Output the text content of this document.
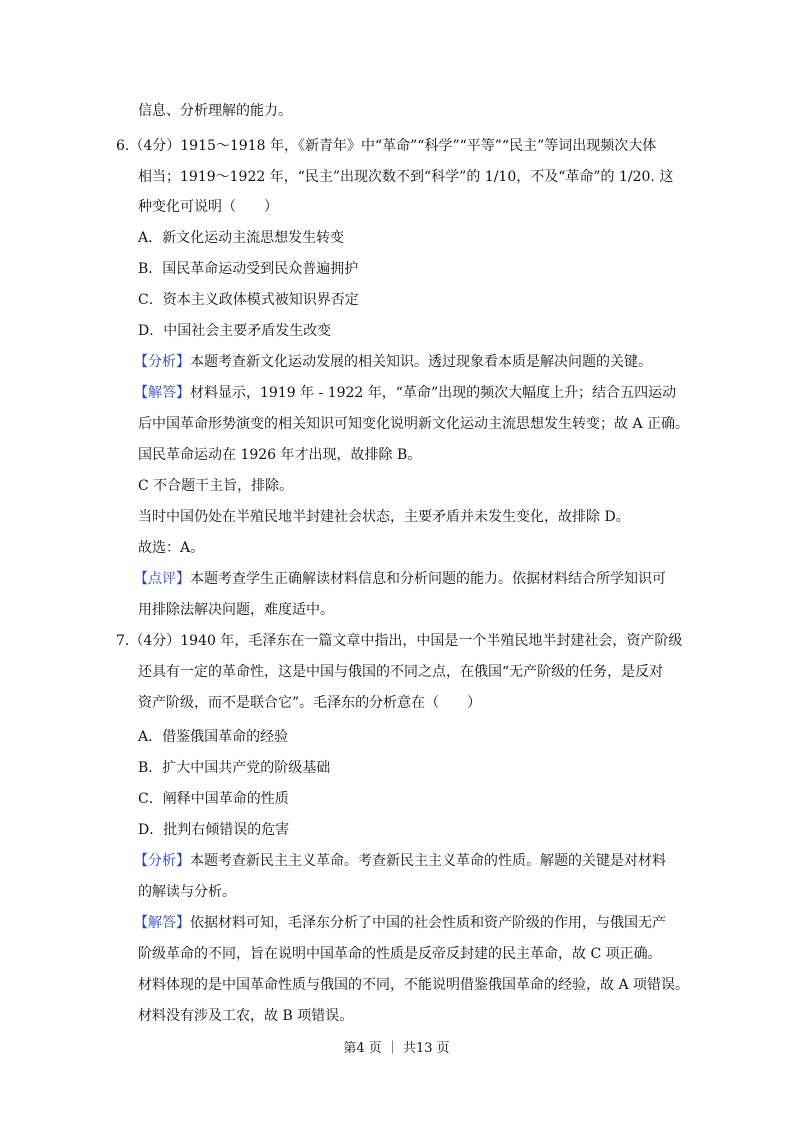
信息、分析理解的能力。
6.（4分）1915～1918 年，《新青年》中“革命”“科学”“平等”“民主”等词出现频次大体
相当；1919～1922 年，“民主”出现次数不到“科学”的 1/10，不及“革命”的 1/20. 这
种变化可说明（　　）
A．新文化运动主流思想发生转变
B．国民革命运动受到民众普遍拥护
C．资本主义政体模式被知识界否定
D．中国社会主要矛盾发生改变
【分析】本题考查新文化运动发展的相关知识。透过现象看本质是解决问题的关键。
【解答】材料显示，1919 年 - 1922 年，“革命”出现的频次大幅度上升；结合五四运动
后中国革命形势演变的相关知识可知变化说明新文化运动主流思想发生转变；故 A 正确。
国民革命运动在 1926 年才出现，故排除 B。
C 不合题干主旨，排除。
当时中国仍处在半殖民地半封建社会状态，主要矛盾并未发生变化，故排除 D。
故选：A。
【点评】本题考查学生正确解读材料信息和分析问题的能力。依据材料结合所学知识可
用排除法解决问题，难度适中。
7.（4分）1940 年，毛泽东在一篇文章中指出，中国是一个半殖民地半封建社会，资产阶级
还具有一定的革命性，这是中国与俄国的不同之点，在俄国“无产阶级的任务，是反对
资产阶级，而不是联合它”。毛泽东的分析意在（　　）
A．借鉴俄国革命的经验
B．扩大中国共产党的阶级基础
C．阐释中国革命的性质
D．批判右倾错误的危害
【分析】本题考查新民主主义革命。考查新民主主义革命的性质。解题的关键是对材料
的解读与分析。
【解答】依据材料可知，毛泽东分析了中国的社会性质和资产阶级的作用，与俄国无产
阶级革命的不同，旨在说明中国革命的性质是反帝反封建的民主革命，故 C 项正确。
材料体现的是中国革命性质与俄国的不同，不能说明借鉴俄国革命的经验，故 A 项错误。
材料没有涉及工农，故 B 项错误。
第4 页 ｜ 共13 页
